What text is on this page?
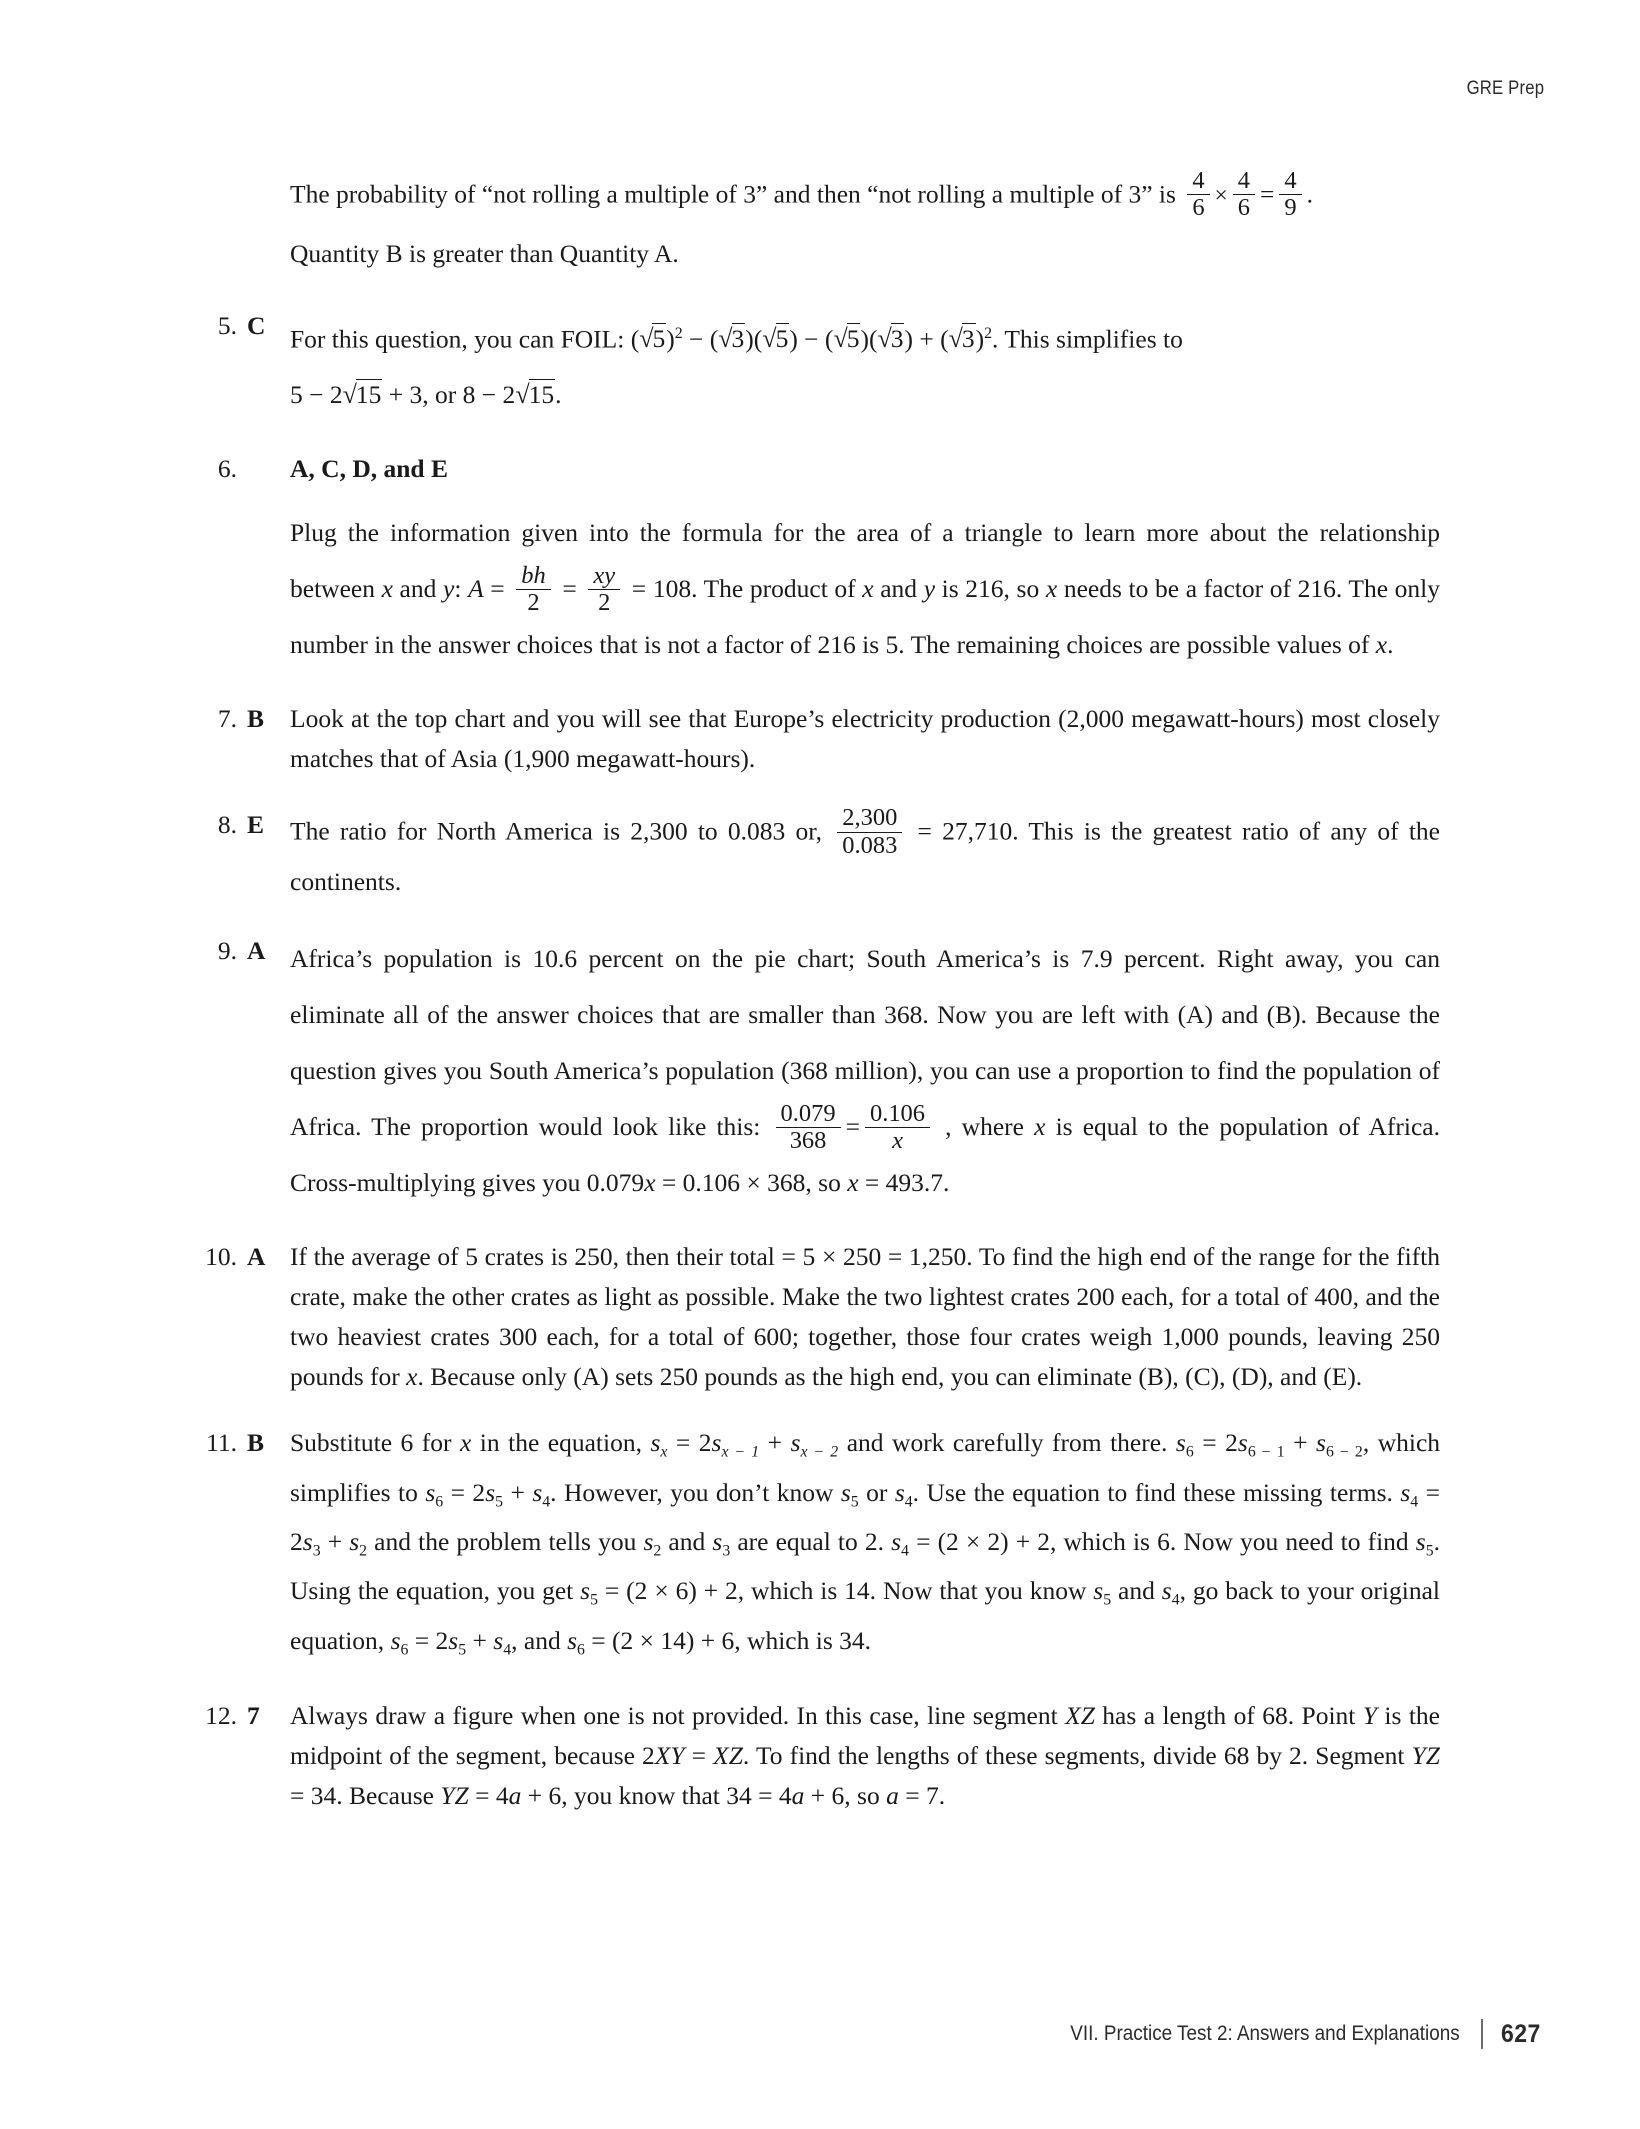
GRE Prep

The probability of “not rolling a multiple of 3” and then “not rolling a multiple of 3” is $\frac{4}{6} \times \frac{4}{6} = \frac{4}{9}$ .

Quantity B is greater than Quantity A.

5. C For this question, you can FOIL: $(√5)^2 - (√3)(√5) - (√5)(√3) + (√3)^2$. This simplifies to
5 − 2√15 + 3, or 8 − 2√15.
6. A, C, D, and E
Plug the information given into the formula for the area of a triangle to learn more about the relationship between x and y: $A = \frac{bh}{2} = \frac{xy}{2} = 108$. The product of x and y is 216, so x needs to be a factor of 216. The only number in the answer choices that is not a factor of 216 is 5. The remaining choices are possible values of x.
7. B Look at the top chart and you will see that Europe’s electricity production (2,000 megawatt-hours) most closely matches that of Asia (1,900 megawatt-hours).
8. E The ratio for North America is 2,300 to 0.083 or, $\frac{2,300}{0.083} = 27,710$. This is the greatest ratio of any of the continents.
9. A Africa’s population is 10.6 percent on the pie chart; South America’s is 7.9 percent. Right away, you can eliminate all of the answer choices that are smaller than 368. Now you are left with (A) and (B). Because the question gives you South America’s population (368 million), you can use a proportion to find the population of Africa. The proportion would look like this: $\frac{0.079}{368} = \frac{0.106}{x}$ , where x is equal to the population of Africa. Cross-multiplying gives you 0.079x = 0.106 × 368, so x = 493.7.
10. A If the average of 5 crates is 250, then their total = 5 × 250 = 1,250. To find the high end of the range for the fifth crate, make the other crates as light as possible. Make the two lightest crates 200 each, for a total of 400, and the two heaviest crates 300 each, for a total of 600; together, those four crates weigh 1,000 pounds, leaving 250 pounds for x. Because only (A) sets 250 pounds as the high end, you can eliminate (B), (C), (D), and (E).
11. B Substitute 6 for x in the equation, $s_x = 2s_{x - 1} + s_{x - 2}$ and work carefully from there. $s_6 = 2s_{6 - 1} + s_{6 - 2}$, which simplifies to $s_6 = 2s_5 + s_4$. However, you don’t know $s_5$ or $s_4$. Use the equation to find these missing terms. $s_4 = 2s_3 + s_2$ and the problem tells you $s_2$ and $s_3$ are equal to 2. $s_4 = (2 \times 2) + 2$, which is 6. Now you need to find $s_5$. Using the equation, you get $s_5 = (2 \times 6) + 2$, which is 14. Now that you know $s_5$ and $s_4$, go back to your original equation, $s_6 = 2s_5 + s_4$, and $s_6 = (2 \times 14) + 6$, which is 34.
12. 7 Always draw a figure when one is not provided. In this case, line segment XZ has a length of 68. Point Y is the midpoint of the segment, because 2XY = XZ. To find the lengths of these segments, divide 68 by 2. Segment YZ = 34. Because YZ = 4a + 6, you know that 34 = 4a + 6, so a = 7.
VII. Practice Test 2: Answers and Explanations 627
